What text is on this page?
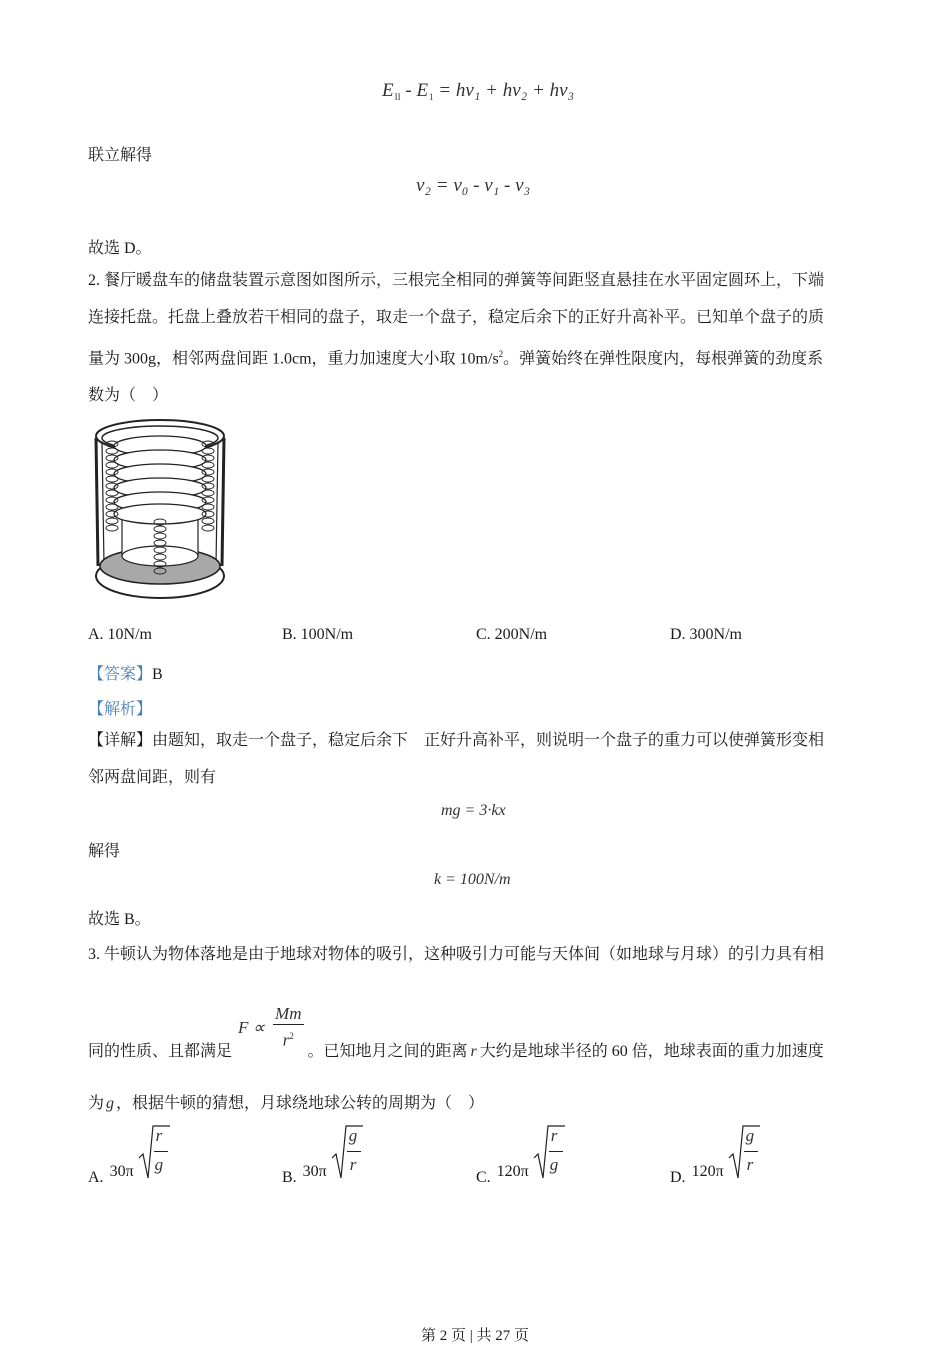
$E_{II} - E_1 = h\nu_1 + h\nu_2 + h\nu_3$
联立解得
ν₂ = ν₀ - ν₁ - ν₃
故选 D。
2. 餐厅暖盘车的储盘装置示意图如图所示，三根完全相同的弹簧等间距竖直悬挂在水平固定圆环上，下端
连接托盘。托盘上叠放若干相同的盘子，取走一个盘子，稳定后余下的正好升高补平。已知单个盘子的质
量为 300g，相邻两盘间距 1.0cm，重力加速度大小取 $10m/s^2$。弹簧始终在弹性限度内，每根弹簧的劲度系
数为（　）
A. 10N/m	B. 100N/m	C. 200N/m	D. 300N/m
【答案】B
【解析】
【详解】由题知，取走一个盘子，稳定后余下　正好升高补平，则说明一个盘子的重力可以使弹簧形变相
邻两盘间距，则有
mg = 3·kx
解得
k = 100N/m
故选 B。
3. 牛顿认为物体落地是由于地球对物体的吸引，这种吸引力可能与天体间（如地球与月球）的引力具有相
同的性质、且都满足 $F \propto \frac{Mm}{r^2}$ 。已知地月之间的距离 r 大约是地球半径的 60 倍，地球表面的重力加速度
为 g ，根据牛顿的猜想，月球绕地球公转的周期为（　）
A. $30\pi \frac{r}{g}$	B. $30\pi \frac{g}{r}$	C. $120\pi \frac{r}{g}$	D. $120\pi \frac{g}{r}$
第 2 页 | 共 27 页
